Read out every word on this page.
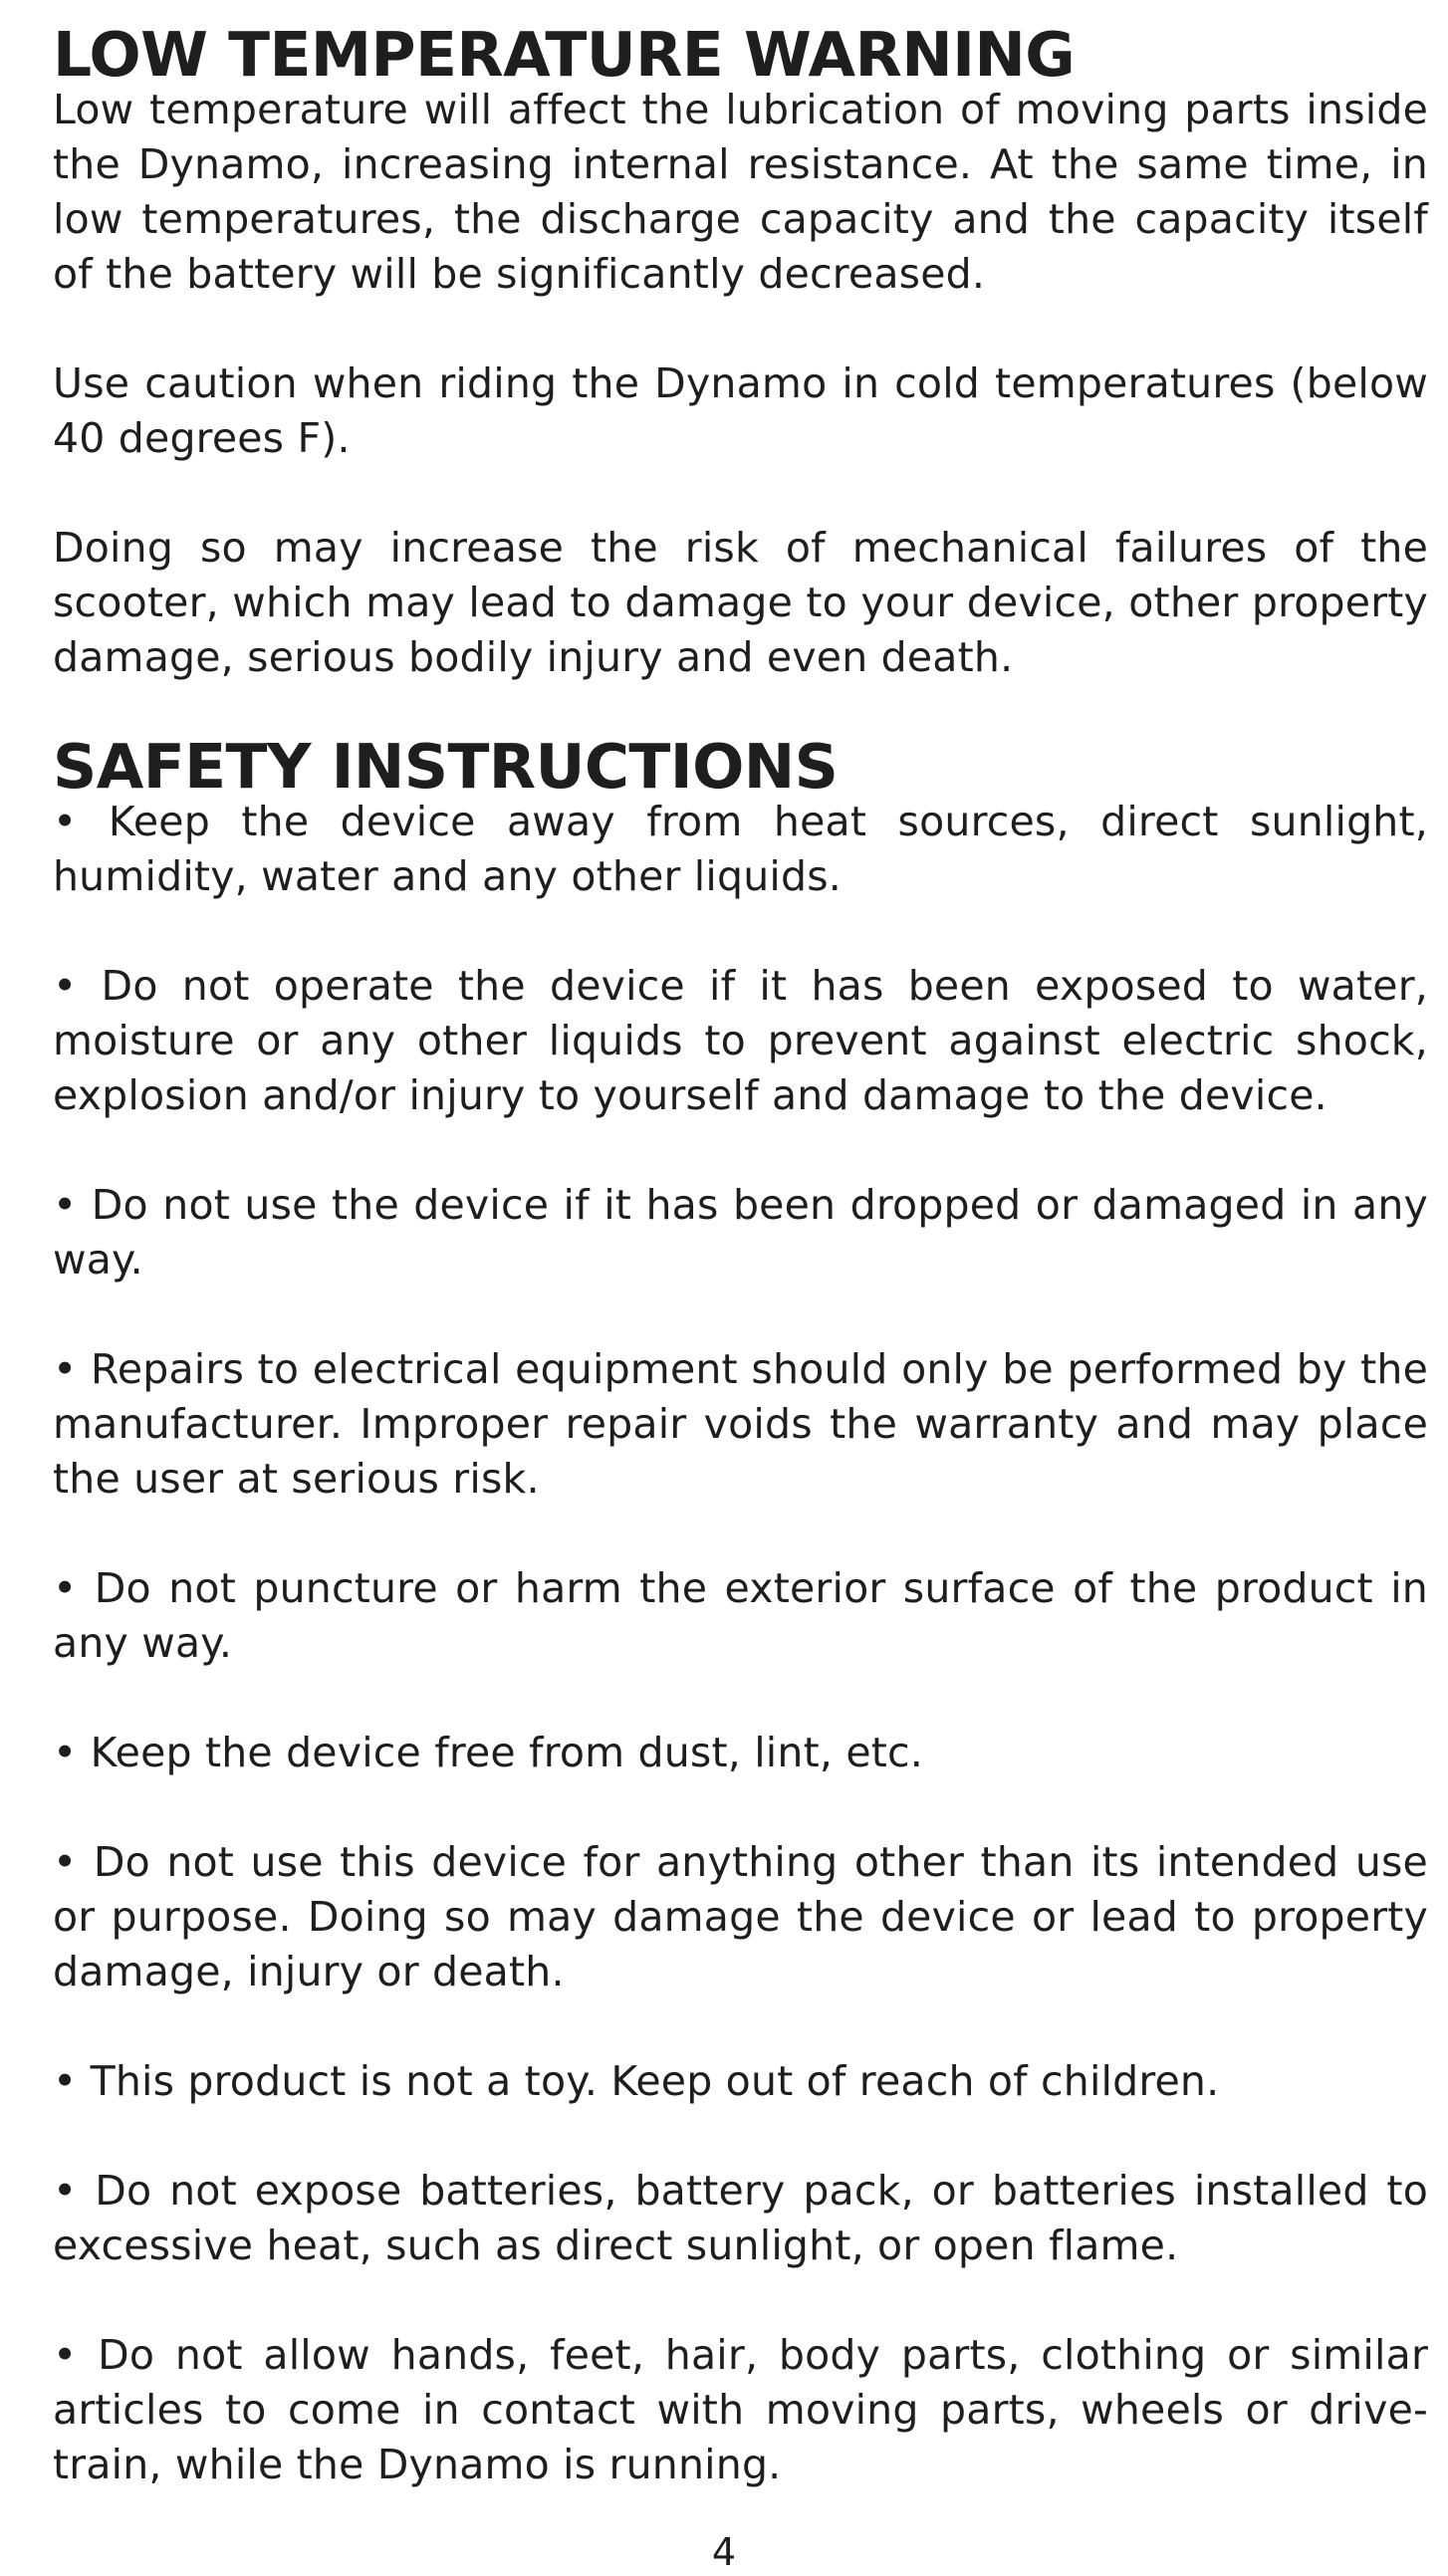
LOW TEMPERATURE WARNING

Low temperature will affect the lubrication of moving parts inside the Dynamo, increasing internal resistance. At the same time, in low temperatures, the discharge capacity and the capacity itself of the battery will be significantly decreased.

Use caution when riding the Dynamo in cold temperatures (below 40 degrees F).

Doing so may increase the risk of mechanical failures of the scooter, which may lead to damage to your device, other property damage, serious bodily injury and even death.

SAFETY INSTRUCTIONS

• Keep the device away from heat sources, direct sunlight, humidity, water and any other liquids.

• Do not operate the device if it has been exposed to water, moisture or any other liquids to prevent against electric shock, explosion and/or injury to yourself and damage to the device.

• Do not use the device if it has been dropped or damaged in any way.

• Repairs to electrical equipment should only be performed by the manufacturer. Improper repair voids the warranty and may place the user at serious risk.

• Do not puncture or harm the exterior surface of the product in any way.

• Keep the device free from dust, lint, etc.

• Do not use this device for anything other than its intended use or purpose. Doing so may damage the device or lead to property damage, injury or death.

• This product is not a toy. Keep out of reach of children.

• Do not expose batteries, battery pack, or batteries installed to excessive heat, such as direct sunlight, or open flame.

• Do not allow hands, feet, hair, body parts, clothing or similar articles to come in contact with moving parts, wheels or drive-train, while the Dynamo is running.

4
